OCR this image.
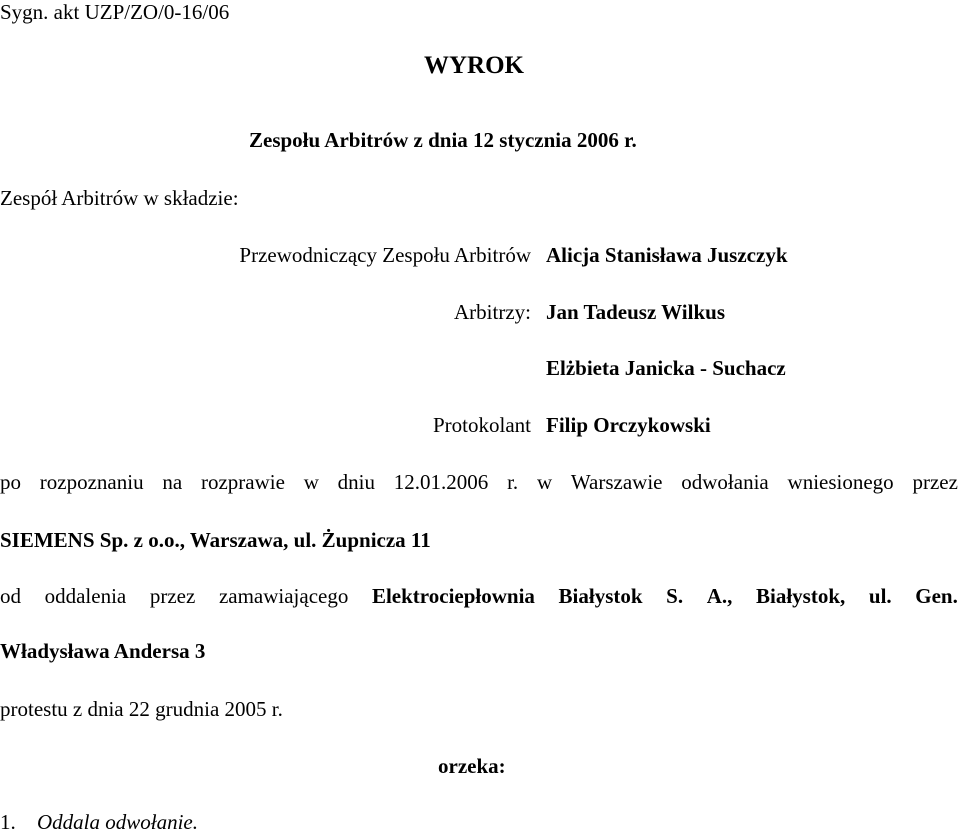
Sygn. akt UZP/ZO/0-16/06
WYROK
Zespołu Arbitrów z dnia 12 stycznia 2006 r.
Zespół Arbitrów w składzie:
Przewodniczący Zespołu Arbitrów Alicja Stanisława Juszczyk
Arbitrzy: Jan Tadeusz Wilkus
Elżbieta Janicka - Suchacz
Protokolant Filip Orczykowski
po rozpoznaniu na rozprawie w dniu 12.01.2006 r. w Warszawie odwołania wniesionego przez
SIEMENS Sp. z o.o., Warszawa, ul. Żupnicza 11
od oddalenia przez zamawiającego Elektrociepłownia Białystok S. A., Białystok, ul. Gen.
Władysława Andersa 3
protestu z dnia 22 grudnia 2005 r.
orzeka:
1. Oddala odwołanie.
